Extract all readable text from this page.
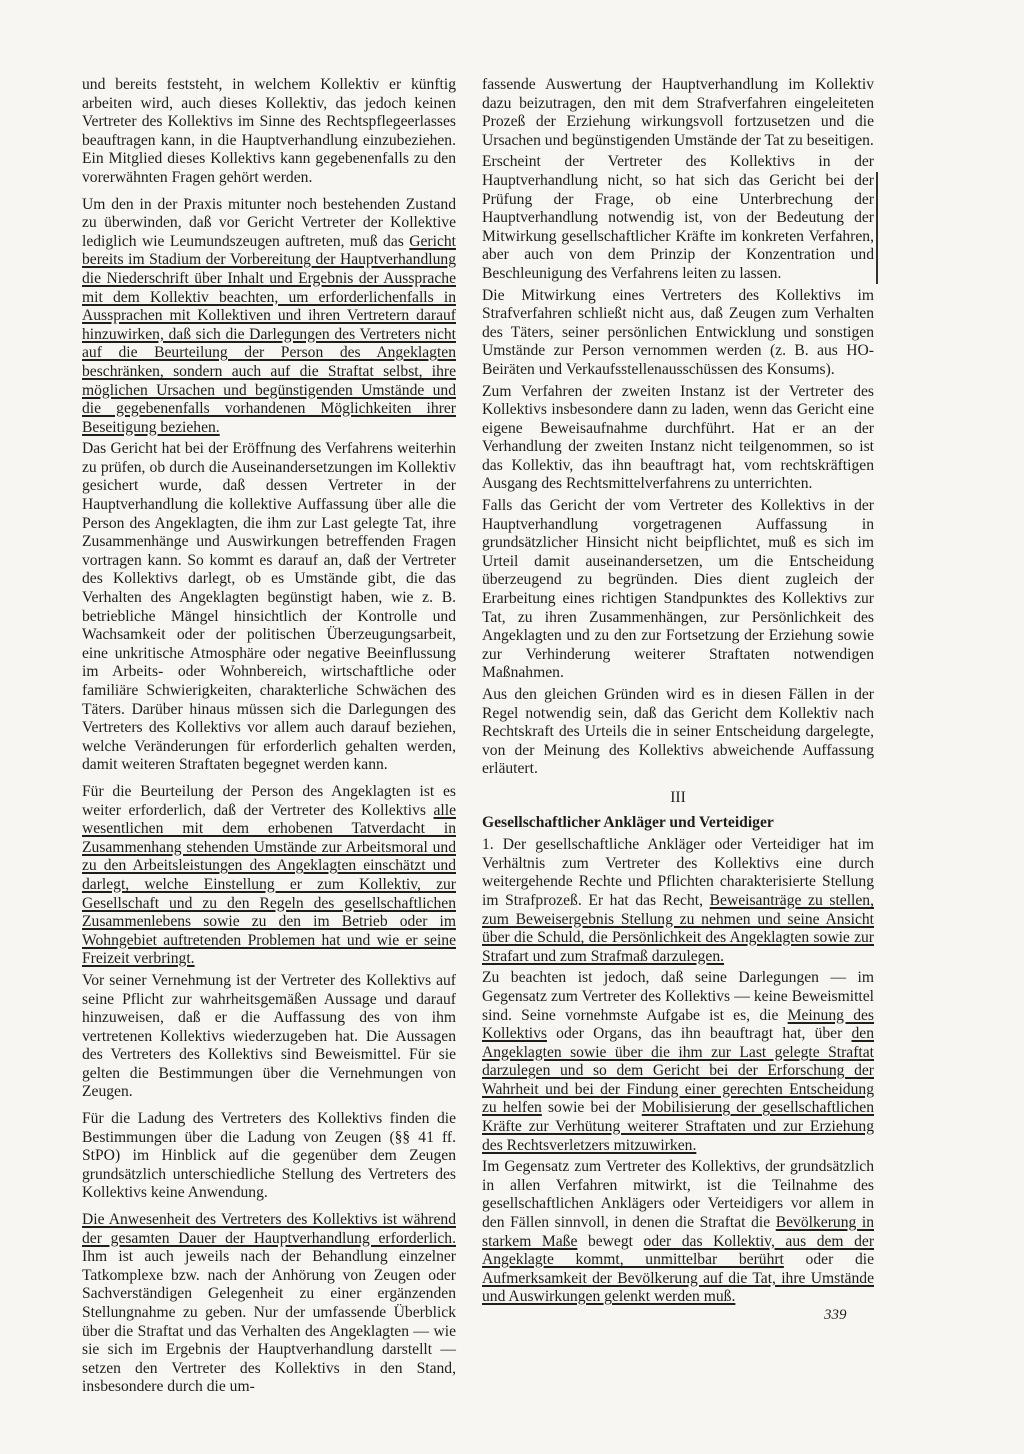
und bereits feststeht, in welchem Kollektiv er künftig arbeiten wird, auch dieses Kollektiv, das jedoch keinen Vertreter des Kollektivs im Sinne des Rechtspflegeerlasses beauftragen kann, in die Hauptverhandlung einzubeziehen. Ein Mitglied dieses Kollektivs kann gegebenenfalls zu den vorerwähnten Fragen gehört werden.

Um den in der Praxis mitunter noch bestehenden Zustand zu überwinden, daß vor Gericht Vertreter der Kollektive lediglich wie Leumundszeugen auftreten, muß das Gericht bereits im Stadium der Vorbereitung der Hauptverhandlung die Niederschrift über Inhalt und Ergebnis der Aussprache mit dem Kollektiv beachten, um erforderlichenfalls in Aussprachen mit Kollektiven und ihren Vertretern darauf hinzuwirken, daß sich die Darlegungen des Vertreters nicht auf die Beurteilung der Person des Angeklagten beschränken, sondern auch auf die Straftat selbst, ihre möglichen Ursachen und begünstigenden Umstände und die gegebenenfalls vorhandenen Möglichkeiten ihrer Beseitigung beziehen.

Das Gericht hat bei der Eröffnung des Verfahrens weiterhin zu prüfen, ob durch die Auseinandersetzungen im Kollektiv gesichert wurde, daß dessen Vertreter in der Hauptverhandlung die kollektive Auffassung über alle die Person des Angeklagten, die ihm zur Last gelegte Tat, ihre Zusammenhänge und Auswirkungen betreffenden Fragen vortragen kann. So kommt es darauf an, daß der Vertreter des Kollektivs darlegt, ob es Umstände gibt, die das Verhalten des Angeklagten begünstigt haben, wie z. B. betriebliche Mängel hinsichtlich der Kontrolle und Wachsamkeit oder der politischen Überzeugungsarbeit, eine unkritische Atmosphäre oder negative Beeinflussung im Arbeits- oder Wohnbereich, wirtschaftliche oder familiäre Schwierigkeiten, charakterliche Schwächen des Täters. Darüber hinaus müssen sich die Darlegungen des Vertreters des Kollektivs vor allem auch darauf beziehen, welche Veränderungen für erforderlich gehalten werden, damit weiteren Straftaten begegnet werden kann.

Für die Beurteilung der Person des Angeklagten ist es weiter erforderlich, daß der Vertreter des Kollektivs alle wesentlichen mit dem erhobenen Tatverdacht in Zusammenhang stehenden Umstände zur Arbeitsmoral und zu den Arbeitsleistungen des Angeklagten einschätzt und darlegt, welche Einstellung er zum Kollektiv, zur Gesellschaft und zu den Regeln des gesellschaftlichen Zusammenlebens sowie zu den im Betrieb oder im Wohngebiet auftretenden Problemen hat und wie er seine Freizeit verbringt.

Vor seiner Vernehmung ist der Vertreter des Kollektivs auf seine Pflicht zur wahrheitsgemäßen Aussage und darauf hinzuweisen, daß er die Auffassung des von ihm vertretenen Kollektivs wiederzugeben hat. Die Aussagen des Vertreters des Kollektivs sind Beweismittel. Für sie gelten die Bestimmungen über die Vernehmungen von Zeugen.

Für die Ladung des Vertreters des Kollektivs finden die Bestimmungen über die Ladung von Zeugen (§§ 41 ff. StPO) im Hinblick auf die gegenüber dem Zeugen grundsätzlich unterschiedliche Stellung des Vertreters des Kollektivs keine Anwendung.

Die Anwesenheit des Vertreters des Kollektivs ist während der gesamten Dauer der Hauptverhandlung erforderlich. Ihm ist auch jeweils nach der Behandlung einzelner Tatkomplexe bzw. nach der Anhörung von Zeugen oder Sachverständigen Gelegenheit zu einer ergänzenden Stellungnahme zu geben. Nur der umfassende Überblick über die Straftat und das Verhalten des Angeklagten — wie sie sich im Ergebnis der Hauptverhandlung darstellt — setzen den Vertreter des Kollektivs in den Stand, insbesondere durch die um-

fassende Auswertung der Hauptverhandlung im Kollektiv dazu beizutragen, den mit dem Strafverfahren eingeleiteten Prozeß der Erziehung wirkungsvoll fortzusetzen und die Ursachen und begünstigenden Umstände der Tat zu beseitigen.

Erscheint der Vertreter des Kollektivs in der Hauptverhandlung nicht, so hat sich das Gericht bei der Prüfung der Frage, ob eine Unterbrechung der Hauptverhandlung notwendig ist, von der Bedeutung der Mitwirkung gesellschaftlicher Kräfte im konkreten Verfahren, aber auch von dem Prinzip der Konzentration und Beschleunigung des Verfahrens leiten zu lassen.

Die Mitwirkung eines Vertreters des Kollektivs im Strafverfahren schließt nicht aus, daß Zeugen zum Verhalten des Täters, seiner persönlichen Entwicklung und sonstigen Umstände zur Person vernommen werden (z. B. aus HO-Beiräten und Verkaufsstellenausschüssen des Konsums).

Zum Verfahren der zweiten Instanz ist der Vertreter des Kollektivs insbesondere dann zu laden, wenn das Gericht eine eigene Beweisaufnahme durchführt. Hat er an der Verhandlung der zweiten Instanz nicht teilgenommen, so ist das Kollektiv, das ihn beauftragt hat, vom rechtskräftigen Ausgang des Rechtsmittelverfahrens zu unterrichten.

Falls das Gericht der vom Vertreter des Kollektivs in der Hauptverhandlung vorgetragenen Auffassung in grundsätzlicher Hinsicht nicht beipflichtet, muß es sich im Urteil damit auseinandersetzen, um die Entscheidung überzeugend zu begründen. Dies dient zugleich der Erarbeitung eines richtigen Standpunktes des Kollektivs zur Tat, zu ihren Zusammenhängen, zur Persönlichkeit des Angeklagten und zu den zur Fortsetzung der Erziehung sowie zur Verhinderung weiterer Straftaten notwendigen Maßnahmen.

Aus den gleichen Gründen wird es in diesen Fällen in der Regel notwendig sein, daß das Gericht dem Kollektiv nach Rechtskraft des Urteils die in seiner Entscheidung dargelegte, von der Meinung des Kollektivs abweichende Auffassung erläutert.

III
Gesellschaftlicher Ankläger und Verteidiger

1. Der gesellschaftliche Ankläger oder Verteidiger hat im Verhältnis zum Vertreter des Kollektivs eine durch weitergehende Rechte und Pflichten charakterisierte Stellung im Strafprozeß. Er hat das Recht, Beweisanträge zu stellen, zum Beweisergebnis Stellung zu nehmen und seine Ansicht über die Schuld, die Persönlichkeit des Angeklagten sowie zur Strafart und zum Strafmaß darzulegen.

Zu beachten ist jedoch, daß seine Darlegungen — im Gegensatz zum Vertreter des Kollektivs — keine Beweismittel sind. Seine vornehmste Aufgabe ist es, die Meinung des Kollektivs oder Organs, das ihn beauftragt hat, über den Angeklagten sowie über die ihm zur Last gelegte Straftat darzulegen und so dem Gericht bei der Erforschung der Wahrheit und bei der Findung einer gerechten Entscheidung zu helfen sowie bei der Mobilisierung der gesellschaftlichen Kräfte zur Verhütung weiterer Straftaten und zur Erziehung des Rechtsverletzers mitzuwirken.

Im Gegensatz zum Vertreter des Kollektivs, der grundsätzlich in allen Verfahren mitwirkt, ist die Teilnahme des gesellschaftlichen Anklägers oder Verteidigers vor allem in den Fällen sinnvoll, in denen die Straftat die Bevölkerung in starkem Maße bewegt oder das Kollektiv, aus dem der Angeklagte kommt, unmittelbar berührt oder die Aufmerksamkeit der Bevölkerung auf die Tat, ihre Umstände und Auswirkungen gelenkt werden muß.

339
